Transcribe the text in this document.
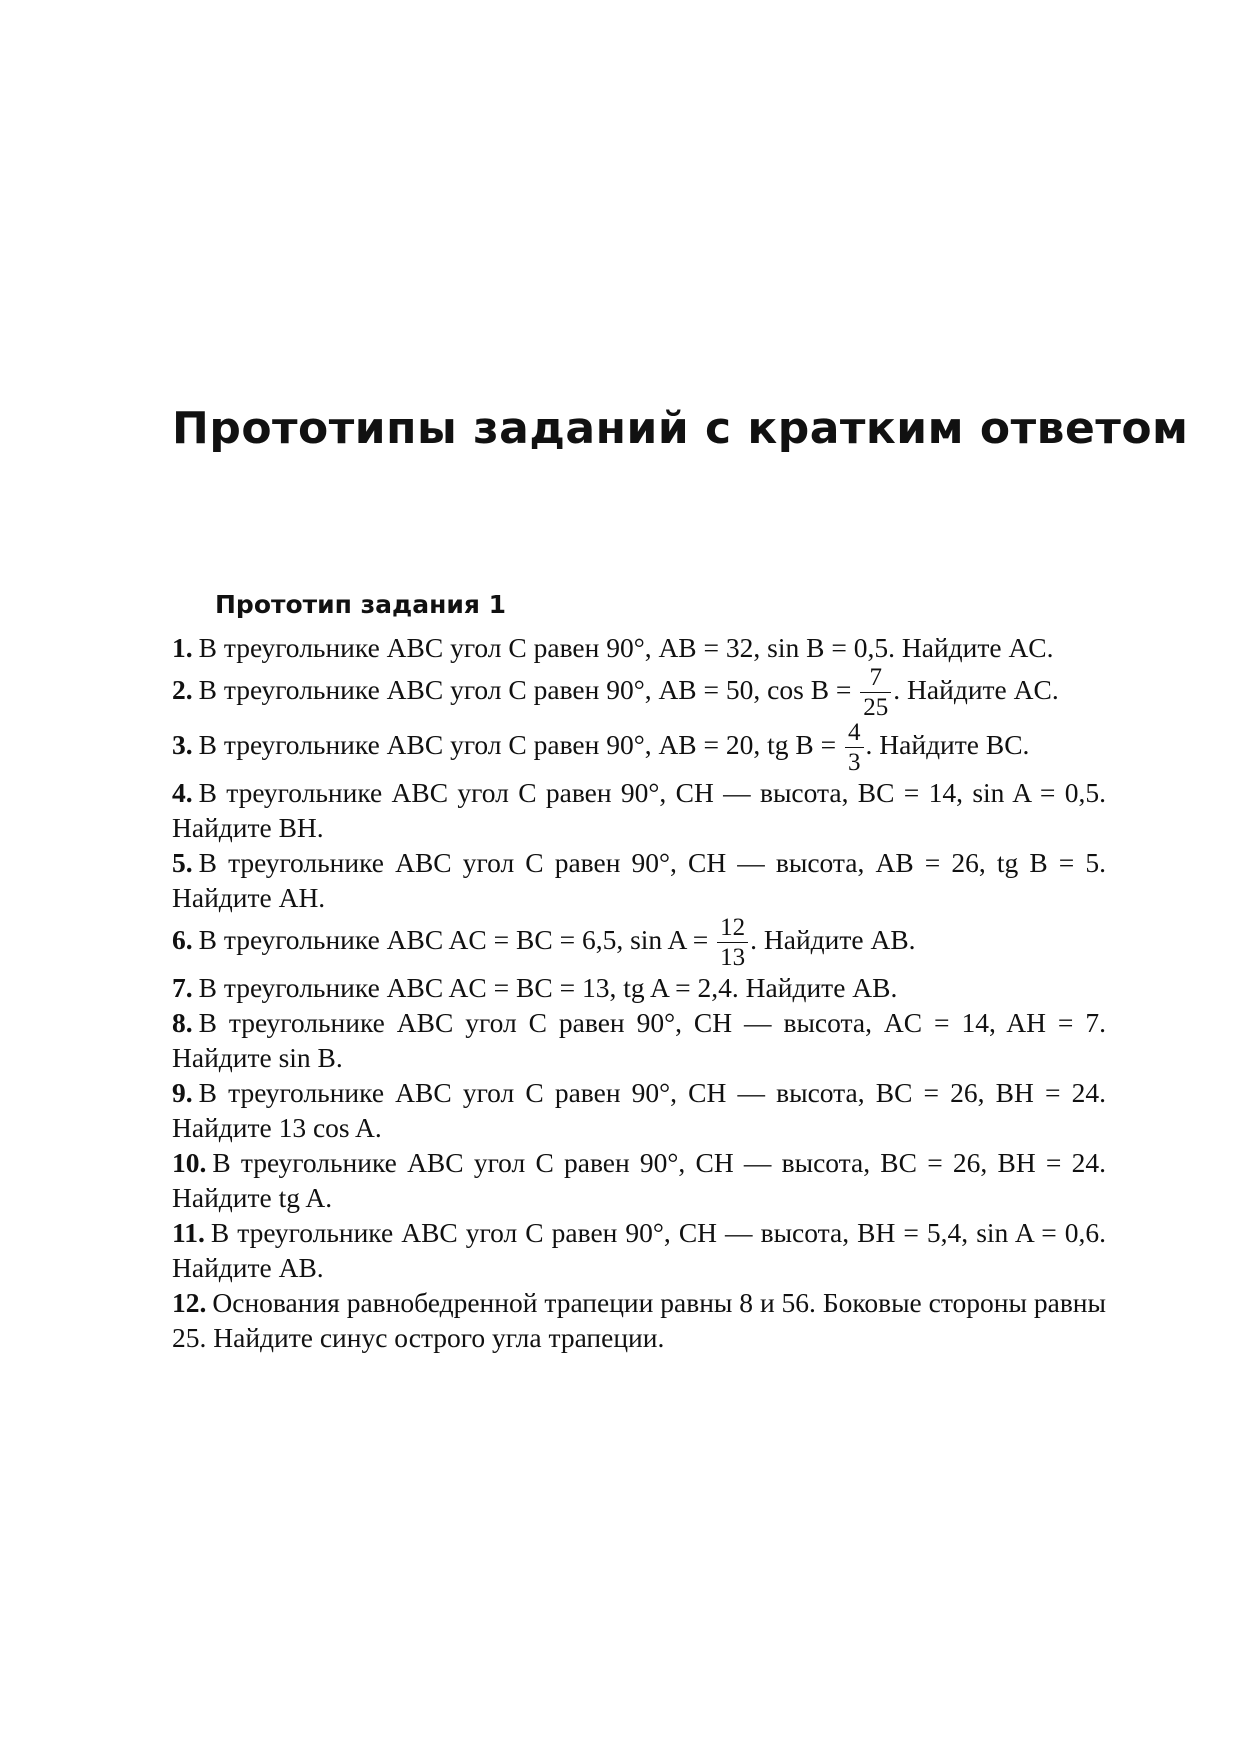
Прототипы заданий с кратким ответом
Прототип задания 1
1. В треугольнике ABC угол C равен 90°, AB = 32, sin B = 0,5. Найдите AC.
2. В треугольнике ABC угол C равен 90°, AB = 50, $\cos B = \frac{7}{25}$ . Найдите AC.
3. В треугольнике ABC угол C равен 90°, AB = 20, tg $B = \frac{4}{3}$ . Найдите BC.
4. В треугольнике ABC угол C равен 90°, CH — высота, BC = 14, sin A = 0,5. Найдите BH.
5. В треугольнике ABC угол C равен 90°, CH — высота, AB = 26, tg B = 5. Найдите AH.
6. В треугольнике ABC AC = BC = 6,5, $\sin A = \frac{12}{13}$ . Найдите AB.
7. В треугольнике ABC AC = BC = 13, tg A = 2,4. Найдите AB.
8. В треугольнике ABC угол C равен 90°, CH — высота, AC = 14, AH = 7. Найдите sin B.
9. В треугольнике ABC угол C равен 90°, CH — высота, BC = 26, BH = 24. Найдите 13 cos A.
10. В треугольнике ABC угол C равен 90°, CH — высота, BC = 26, BH = 24. Найдите tg A.
11. В треугольнике ABC угол C равен 90°, CH — высота, BH = 5,4, sin A = 0,6. Найдите AB.
12. Основания равнобедренной трапеции равны 8 и 56. Боковые стороны равны 25. Найдите синус острого угла трапеции.
